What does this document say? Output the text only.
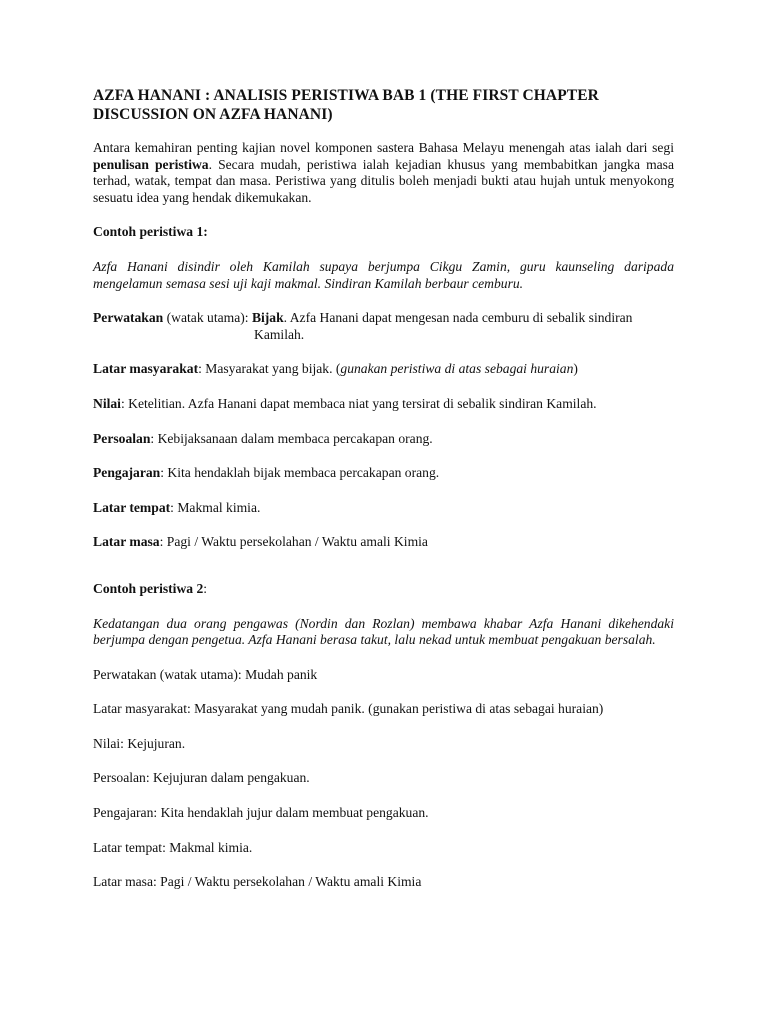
AZFA HANANI : ANALISIS PERISTIWA BAB 1 (THE FIRST CHAPTER DISCUSSION ON AZFA HANANI)

Antara kemahiran penting kajian novel komponen sastera Bahasa Melayu menengah atas ialah dari segi penulisan peristiwa. Secara mudah, peristiwa ialah kejadian khusus yang membabitkan jangka masa terhad, watak, tempat dan masa. Peristiwa yang ditulis boleh menjadi bukti atau hujah untuk menyokong sesuatu idea yang hendak dikemukakan.

Contoh peristiwa 1:

Azfa Hanani disindir oleh Kamilah supaya berjumpa Cikgu Zamin, guru kaunseling daripada mengelamun semasa sesi uji kaji makmal. Sindiran Kamilah berbaur cemburu.

Perwatakan (watak utama): Bijak. Azfa Hanani dapat mengesan nada cemburu di sebalik sindiran

Kamilah.

Latar masyarakat: Masyarakat yang bijak. (gunakan peristiwa di atas sebagai huraian)

Nilai: Ketelitian. Azfa Hanani dapat membaca niat yang tersirat di sebalik sindiran Kamilah.

Persoalan: Kebijaksanaan dalam membaca percakapan orang.

Pengajaran: Kita hendaklah bijak membaca percakapan orang.

Latar tempat: Makmal kimia.

Latar masa: Pagi / Waktu persekolahan / Waktu amali Kimia

Contoh peristiwa 2:

Kedatangan dua orang pengawas (Nordin dan Rozlan) membawa khabar Azfa Hanani dikehendaki berjumpa dengan pengetua. Azfa Hanani berasa takut, lalu nekad untuk membuat pengakuan bersalah.

Perwatakan (watak utama): Mudah panik

Latar masyarakat: Masyarakat yang mudah panik. (gunakan peristiwa di atas sebagai huraian)

Nilai: Kejujuran.

Persoalan: Kejujuran dalam pengakuan.

Pengajaran: Kita hendaklah jujur dalam membuat pengakuan.

Latar tempat: Makmal kimia.

Latar masa: Pagi / Waktu persekolahan / Waktu amali Kimia
